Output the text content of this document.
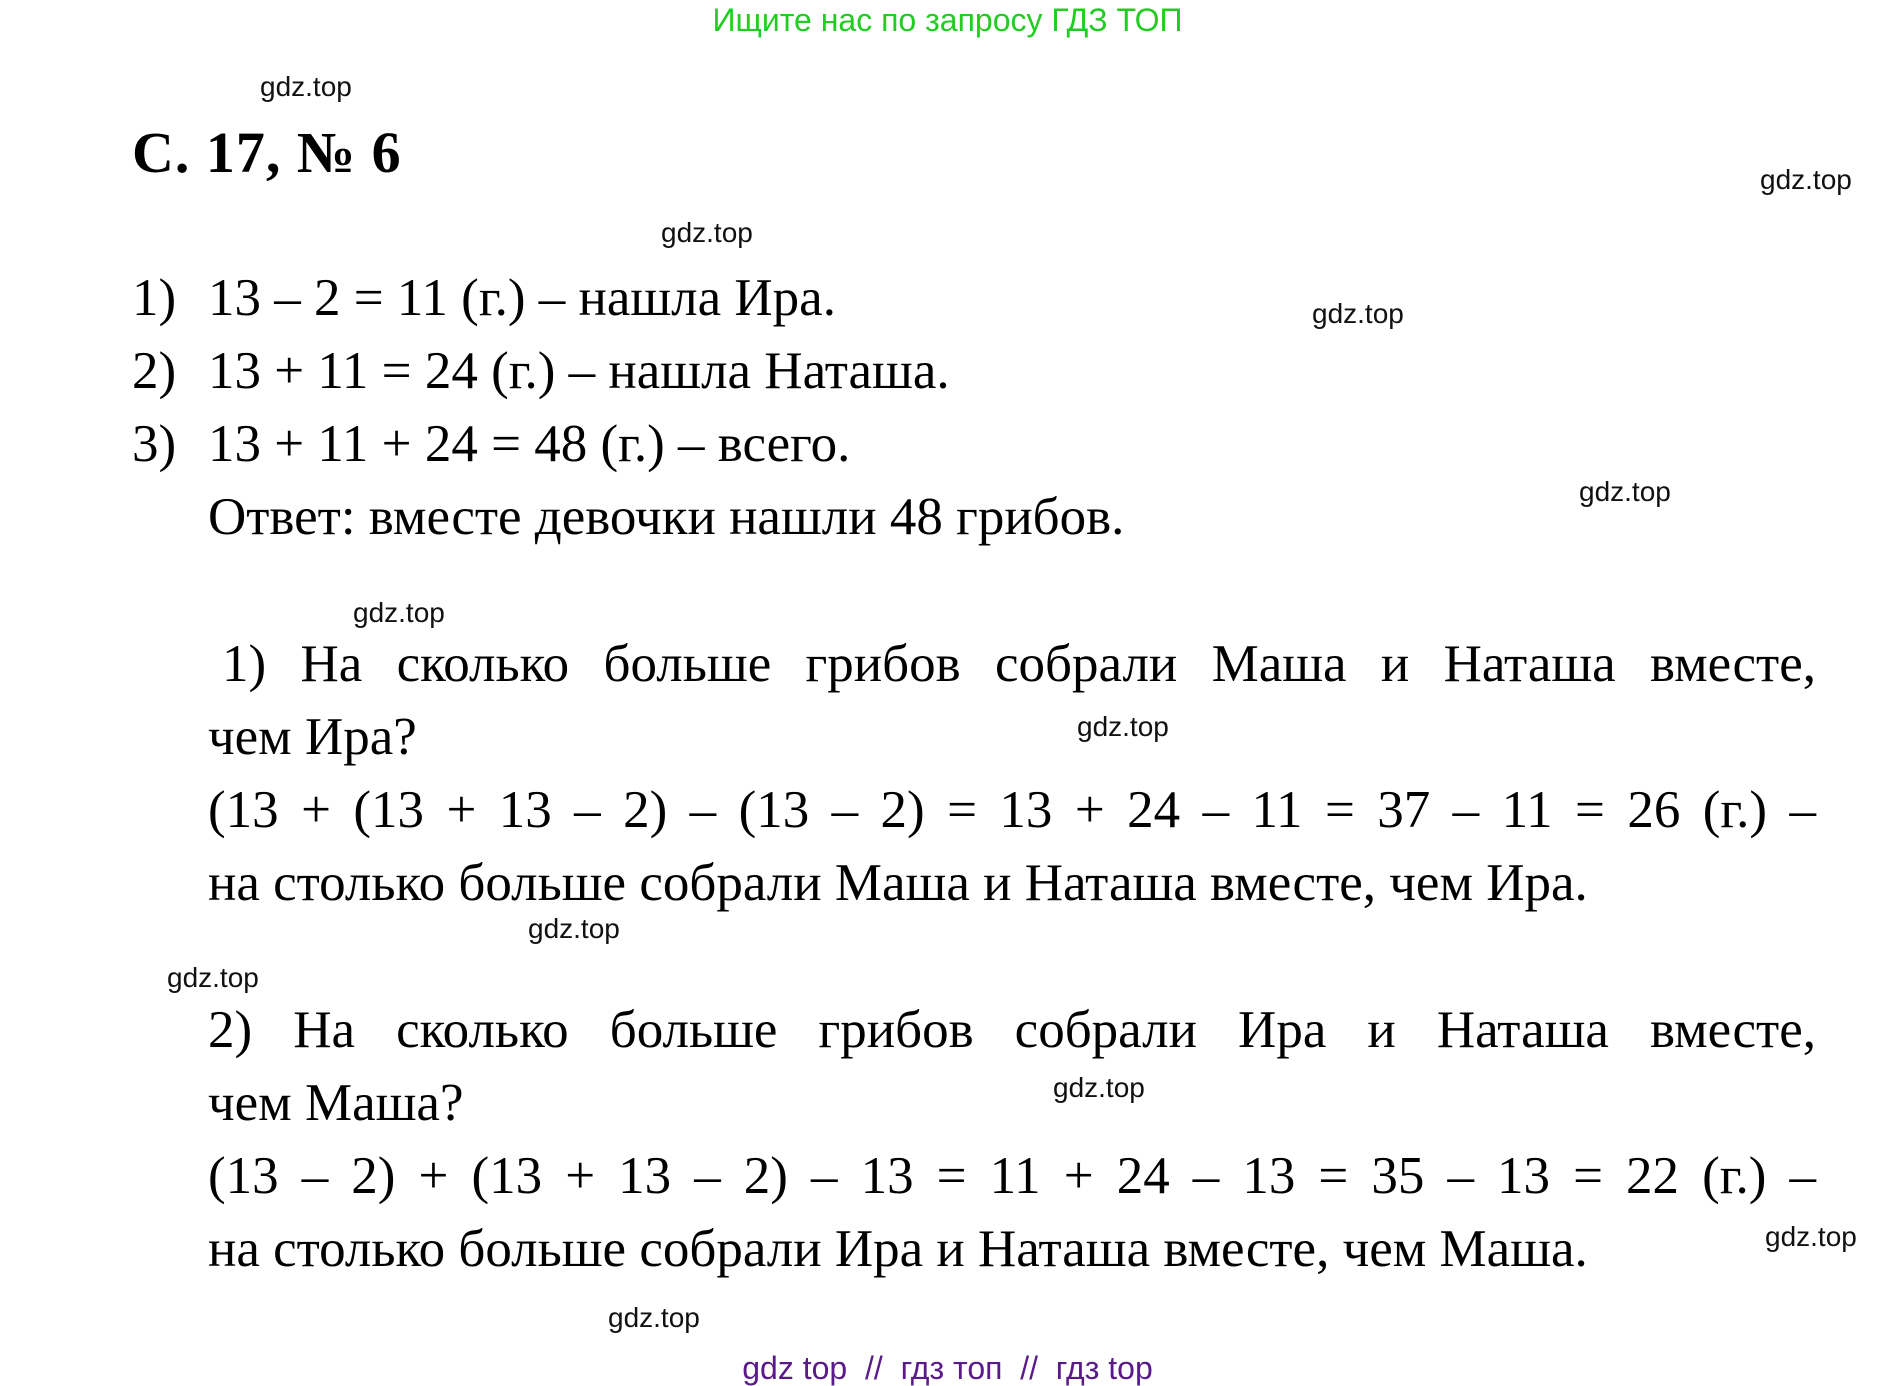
Ищите нас по запросу ГДЗ ТОП
С. 17, № 6
1) 13 – 2 = 11 (г.) – нашла Ира.
2) 13 + 11 = 24 (г.) – нашла Наташа.
3) 13 + 11 + 24 = 48 (г.) – всего.
Ответ: вместе девочки нашли 48 грибов.
1) На сколько больше грибов собрали Маша и Наташа вместе,
чем Ира?
(13 + (13 + 13 – 2) – (13 – 2) = 13 + 24 – 11 = 37 – 11 = 26 (г.) –
на столько больше собрали Маша и Наташа вместе, чем Ира.
2) На сколько больше грибов собрали Ира и Наташа вместе,
чем Маша?
(13 – 2) + (13 + 13 – 2) – 13 = 11 + 24 – 13 = 35 – 13 = 22 (г.) –
на столько больше собрали Ира и Наташа вместе, чем Маша.
gdz.top
gdz.top
gdz.top
gdz.top
gdz.top
gdz.top
gdz.top
gdz.top
gdz.top
gdz.top
gdz.top
gdz.top
gdz top  //  гдз топ  //  гдз top
